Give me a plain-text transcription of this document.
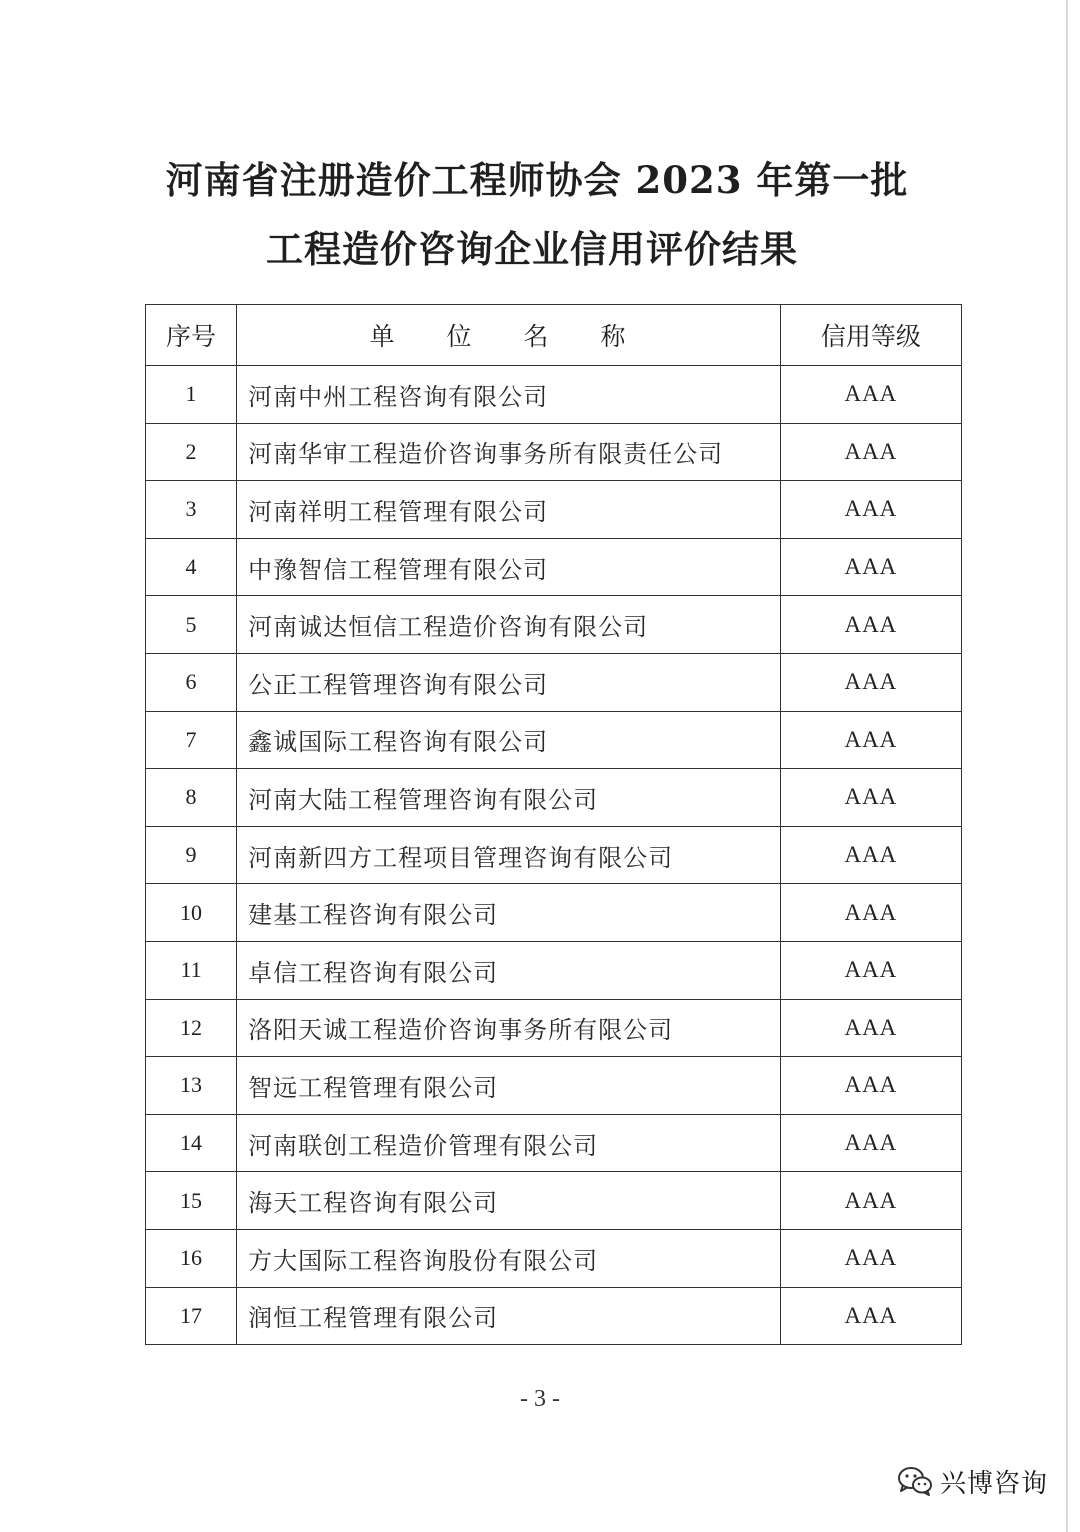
河南省注册造价工程师协会 2023 年第一批
工程造价咨询企业信用评价结果
序号	单 位 名 称	信用等级
1	河南中州工程咨询有限公司	AAA
2	河南华审工程造价咨询事务所有限责任公司	AAA
3	河南祥明工程管理有限公司	AAA
4	中豫智信工程管理有限公司	AAA
5	河南诚达恒信工程造价咨询有限公司	AAA
6	公正工程管理咨询有限公司	AAA
7	鑫诚国际工程咨询有限公司	AAA
8	河南大陆工程管理咨询有限公司	AAA
9	河南新四方工程项目管理咨询有限公司	AAA
10	建基工程咨询有限公司	AAA
11	卓信工程咨询有限公司	AAA
12	洛阳天诚工程造价咨询事务所有限公司	AAA
13	智远工程管理有限公司	AAA
14	河南联创工程造价管理有限公司	AAA
15	海天工程咨询有限公司	AAA
16	方大国际工程咨询股份有限公司	AAA
17	润恒工程管理有限公司	AAA
- 3 -
兴博咨询
